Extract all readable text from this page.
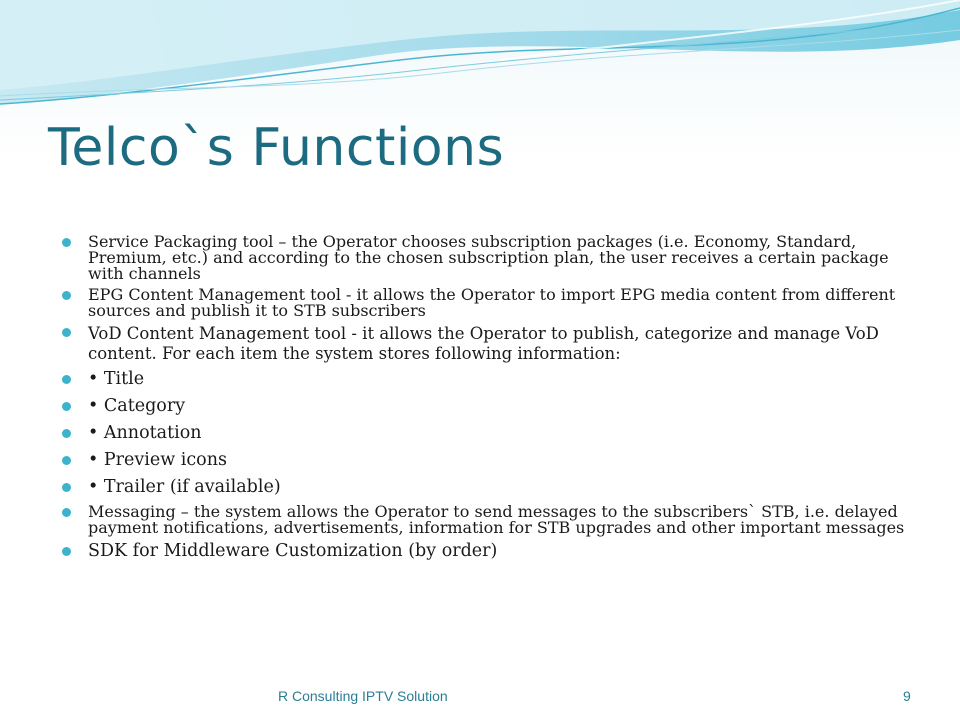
Telco`s Functions
Service Packaging tool – the Operator chooses subscription packages (i.e. Economy, Standard, Premium, etc.) and according to the chosen subscription plan, the user receives a certain package with channels
EPG Content Management tool - it allows the Operator to import EPG media content from different sources and publish it to STB subscribers
VoD Content Management tool - it allows the Operator to publish, categorize and manage VoD content. For each item the system stores following information:
• Title
• Category
• Annotation
• Preview icons
• Trailer (if available)
Messaging – the system allows the Operator to send messages to the subscribers` STB, i.e. delayed payment notifications, advertisements, information for STB upgrades and other important messages
SDK for Middleware Customization (by order)
R Consulting IPTV Solution	9
